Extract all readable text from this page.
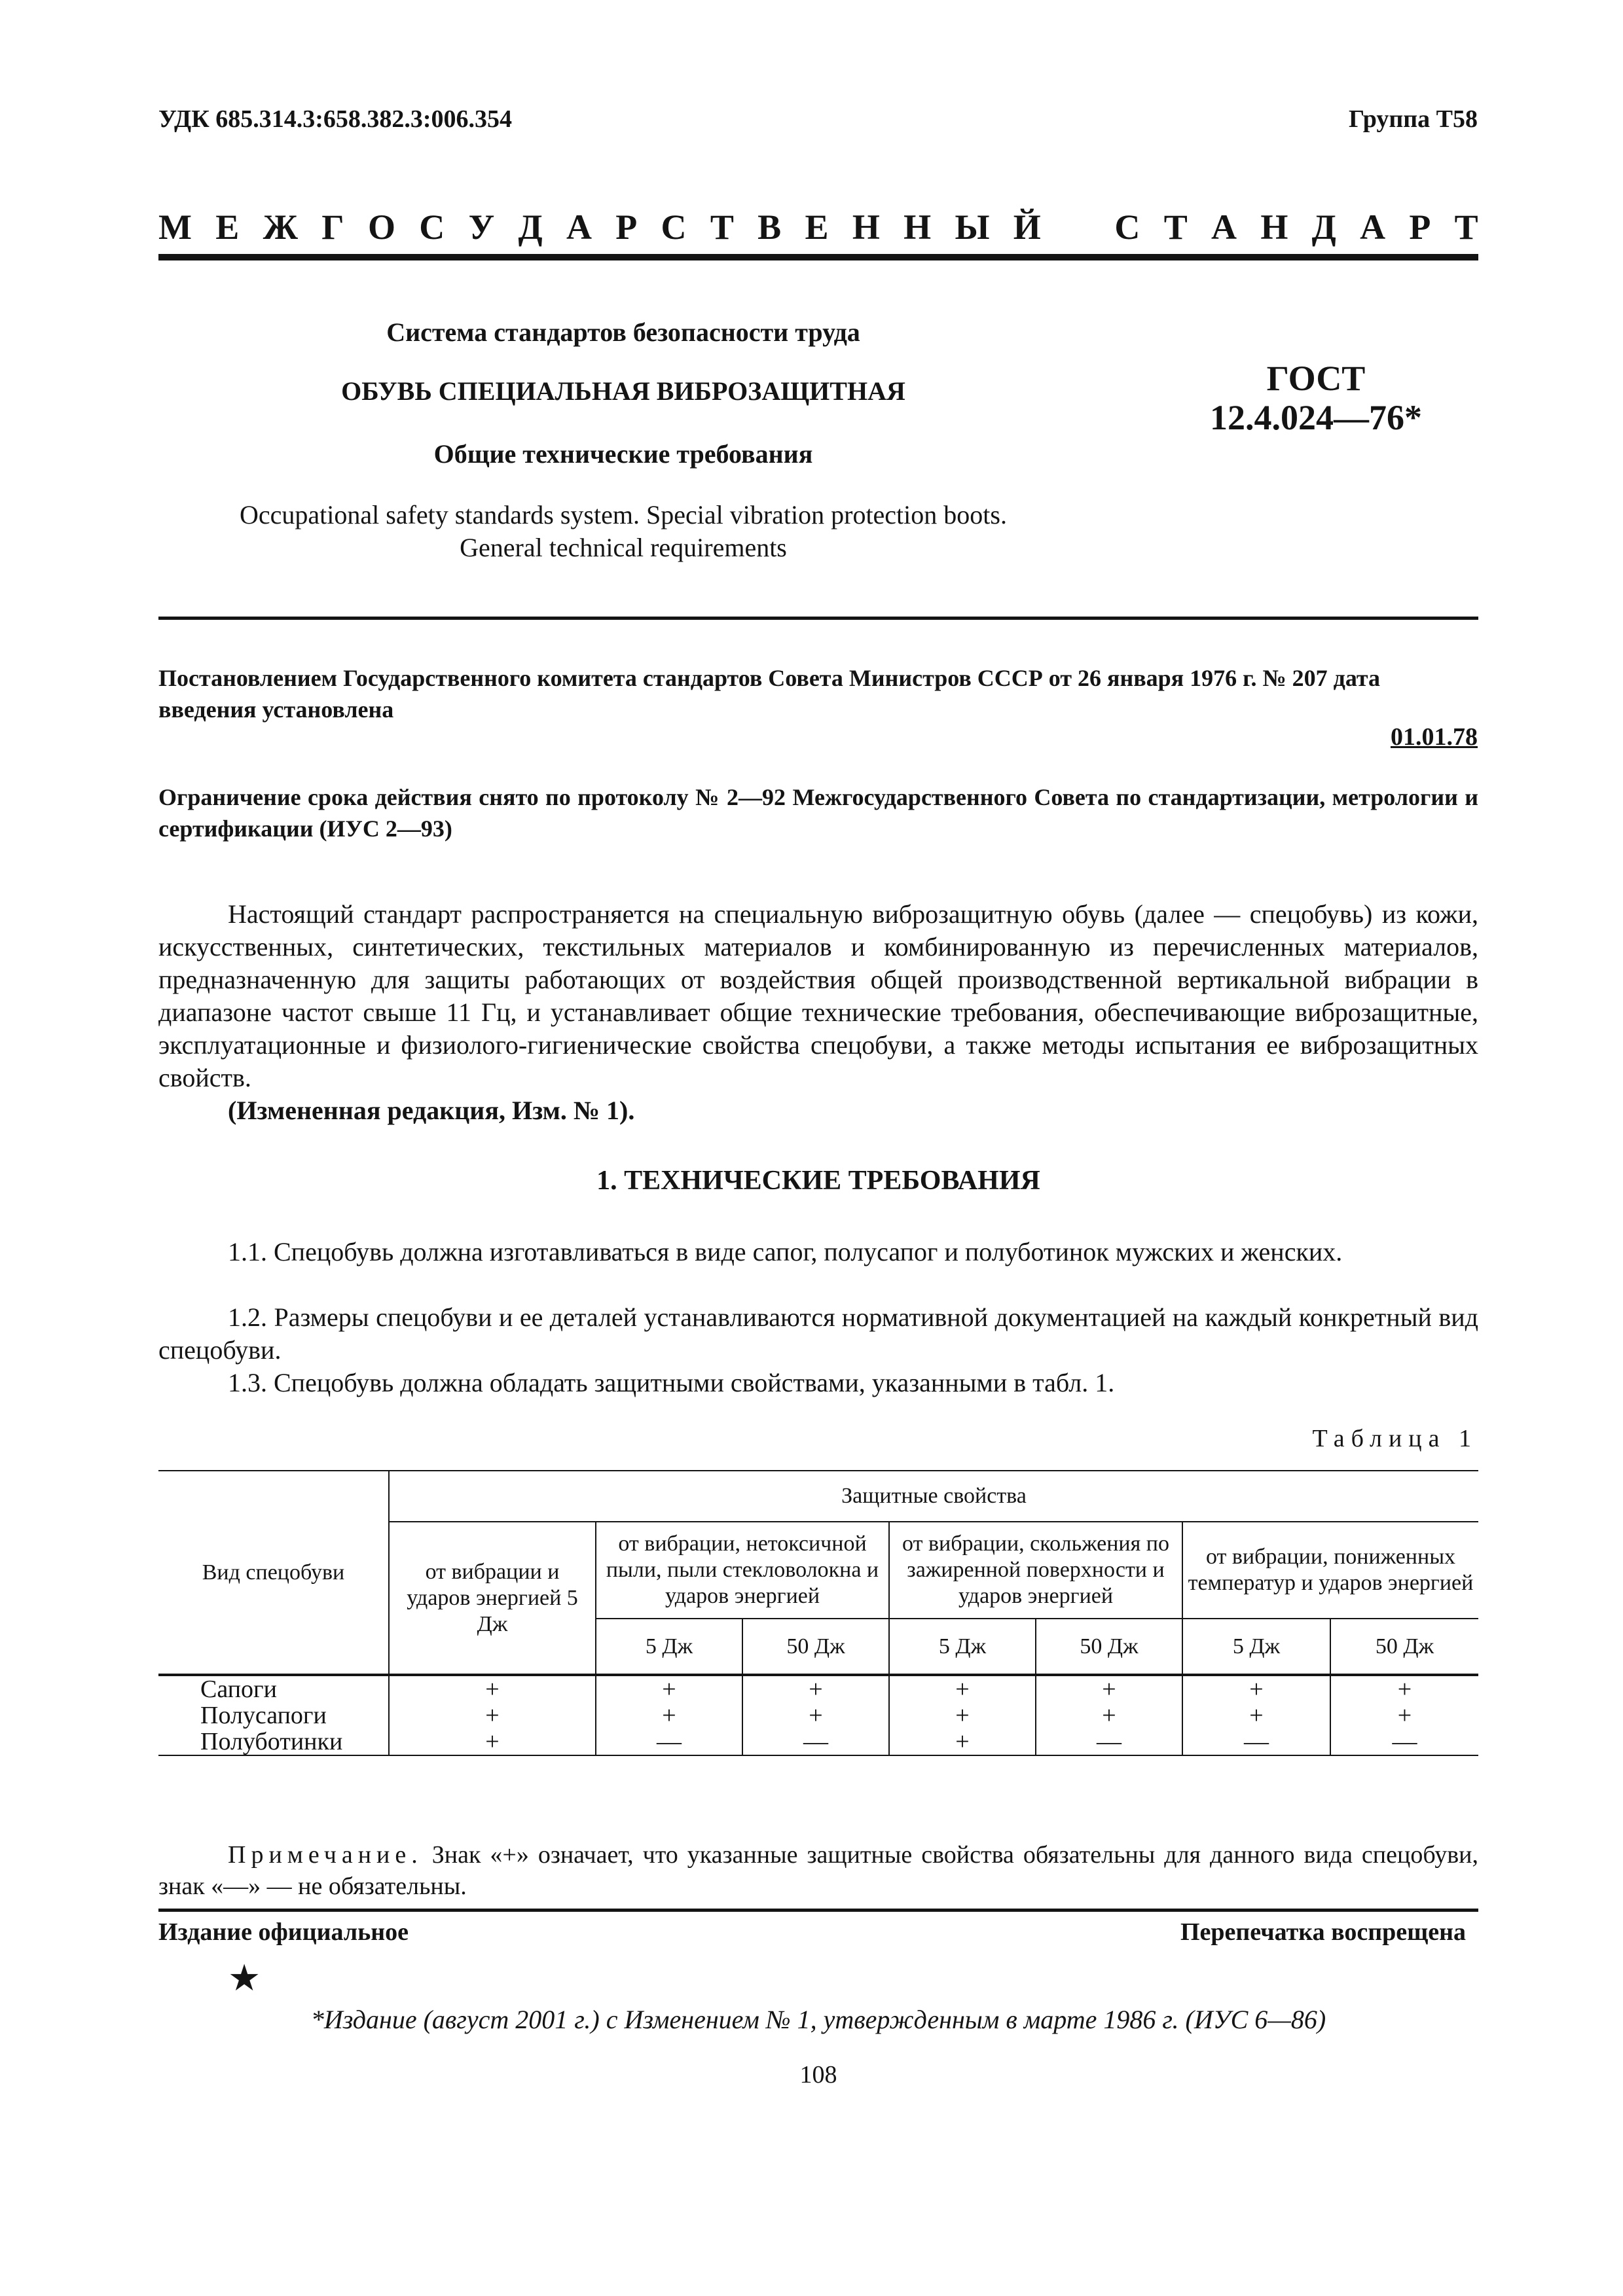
УДК 685.314.3:658.382.3:006.354	Группа Т58
М Е Ж Г О С У Д А Р С Т В Е Н Н Ы Й С Т А Н Д А Р Т
Система стандартов безопасности труда
ОБУВЬ СПЕЦИАЛЬНАЯ ВИБРОЗАЩИТНАЯ
Общие технические требования
Occupational safety standards system. Special vibration protection boots.
General technical requirements
ГОСТ
12.4.024—76*
Постановлением Государственного комитета стандартов Совета Министров СССР от 26 января 1976 г. № 207 дата введения установлена
01.01.78
Ограничение срока действия снято по протоколу № 2—92 Межгосударственного Совета по стандартизации, метрологии и сертификации (ИУС 2—93)
Настоящий стандарт распространяется на специальную виброзащитную обувь (далее — спецобувь) из кожи, искусственных, синтетических, текстильных материалов и комбинированную из перечисленных материалов, предназначенную для защиты работающих от воздействия общей производственной вертикальной вибрации в диапазоне частот свыше 11 Гц, и устанавливает общие технические требования, обеспечивающие виброзащитные, эксплуатационные и физиолого-гигиенические свойства спецобуви, а также методы испытания ее виброзащитных свойств.
(Измененная редакция, Изм. № 1).
1. ТЕХНИЧЕСКИЕ ТРЕБОВАНИЯ
1.1. Спецобувь должна изготавливаться в виде сапог, полусапог и полуботинок мужских и женских.
1.2. Размеры спецобуви и ее деталей устанавливаются нормативной документацией на каждый конкретный вид спецобуви.
1.3. Спецобувь должна обладать защитными свойствами, указанными в табл. 1.
Таблица 1
Вид спецобуви	Защитные свойства						
	от вибрации и ударов энергией 5 Дж	от вибрации, нетоксичной пыли, пыли стекловолокна и ударов энергией		от вибрации, скольжения по зажиренной поверхности и ударов энергией		от вибрации, пониженных температур и ударов энергией	
		5 Дж	50 Дж	5 Дж	50 Дж	5 Дж	50 Дж
Сапоги	+	+	+	+	+	+	+
Полусапоги	+	+	+	+	+	+	+
Полуботинки	+	—	—	+	—	—	—
Примечание. Знак «+» означает, что указанные защитные свойства обязательны для данного вида спецобуви, знак «—» — не обязательны.
Издание официальное	Перепечатка воспрещена
★
*Издание (август 2001 г.) с Изменением № 1, утвержденным в марте 1986 г. (ИУС 6—86)
108
